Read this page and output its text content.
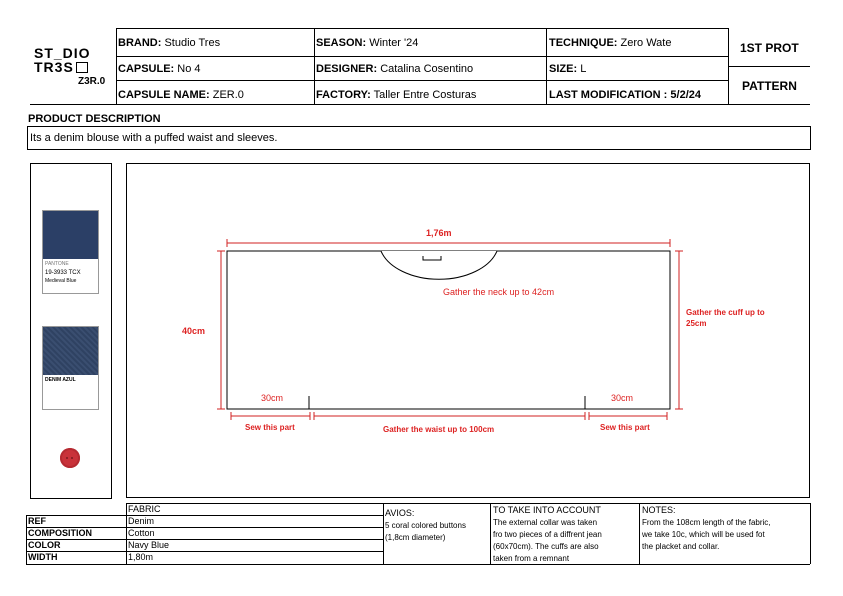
ST_DIO
TR3S
Z3R.0
BRAND: Studio Tres	SEASON: Winter '24	TECHNIQUE: Zero Wate	1ST PROT
CAPSULE: No 4	DESIGNER: Catalina Cosentino	SIZE: L
CAPSULE NAME: ZER.0	FACTORY: Taller Entre Costuras	LAST MODIFICATION : 5/2/24
PATTERN
PRODUCT DESCRIPTION
Its a denim blouse with a puffed waist and sleeves.
PANTONE
19-3933 TCX
Medieval Blue
DENIM AZUL
1,76m
40cm
Gather the neck up to 42cm
Gather the cuff up to 25cm
30cm	30cm
Sew this part	Gather the waist up to 100cm	Sew this part
FABRIC
REF	Denim
COMPOSITION	Cotton
COLOR	Navy Blue
WIDTH	1,80m
AVIOS:
5 coral colored buttons
(1,8cm diameter)
TO TAKE INTO ACCOUNT
The external collar was taken
fro two pieces of a diffrent jean
(60x70cm). The cuffs are also
taken from a remnant
NOTES:
From the 108cm length of the fabric,
we take 10c, which will be used fot
the placket and collar.
